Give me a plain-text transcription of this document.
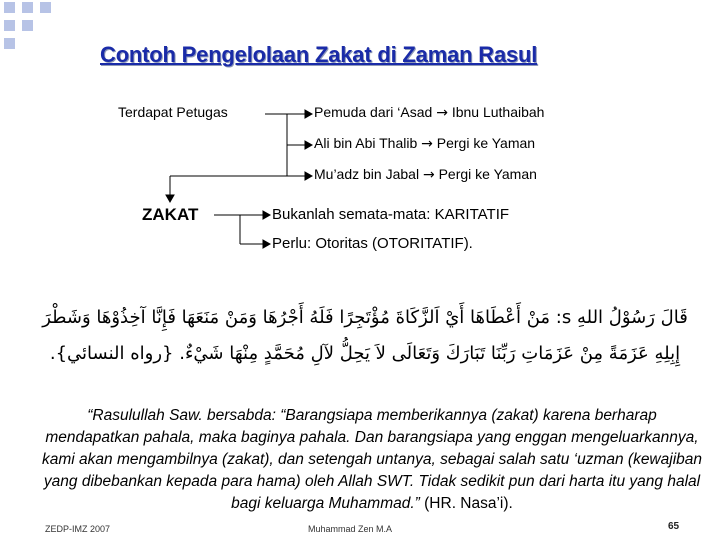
Contoh Pengelolaan Zakat di Zaman Rasul
Terdapat Petugas	Pemuda dari ‘Asad → Ibnu Luthaibah
Ali bin Abi Thalib → Pergi ke Yaman
Mu’adz bin Jabal → Pergi ke Yaman
ZAKAT	Bukanlah semata-mata: KARITATIF
Perlu: Otoritas (OTORITATIF).
قَالَ رَسُوْلُ اللهِ s: مَنْ أَعْطَاهَا أَيْ اَلزَّكَاةَ مُؤْتَجِرًا فَلَهُ أَجْرُهَا وَمَنْ مَنَعَهَا فَإِنَّا آخِذُوْهَا وَشَطْرَ إِبِلِهِ عَزَمَةً مِنْ عَزَمَاتِ رَبِّنَا تَبَارَكَ وَتَعَالَى لاَ يَحِلُّ لآلِ مُحَمَّدٍ مِنْهَا شَيْءٌ. {رواه النسائي}.
“Rasulullah Saw. bersabda: “Barangsiapa memberikannya (zakat) karena berharap mendapatkan pahala, maka baginya pahala. Dan barangsiapa yang enggan mengeluarkannya, kami akan mengambilnya (zakat), dan setengah untanya, sebagai salah satu ‘uzman (kewajiban yang dibebankan kepada para hama) oleh Allah SWT. Tidak sedikit pun dari harta itu yang halal bagi keluarga Muhammad.” (HR. Nasa’i).
ZEDP-IMZ 2007	Muhammad Zen M.A	65
